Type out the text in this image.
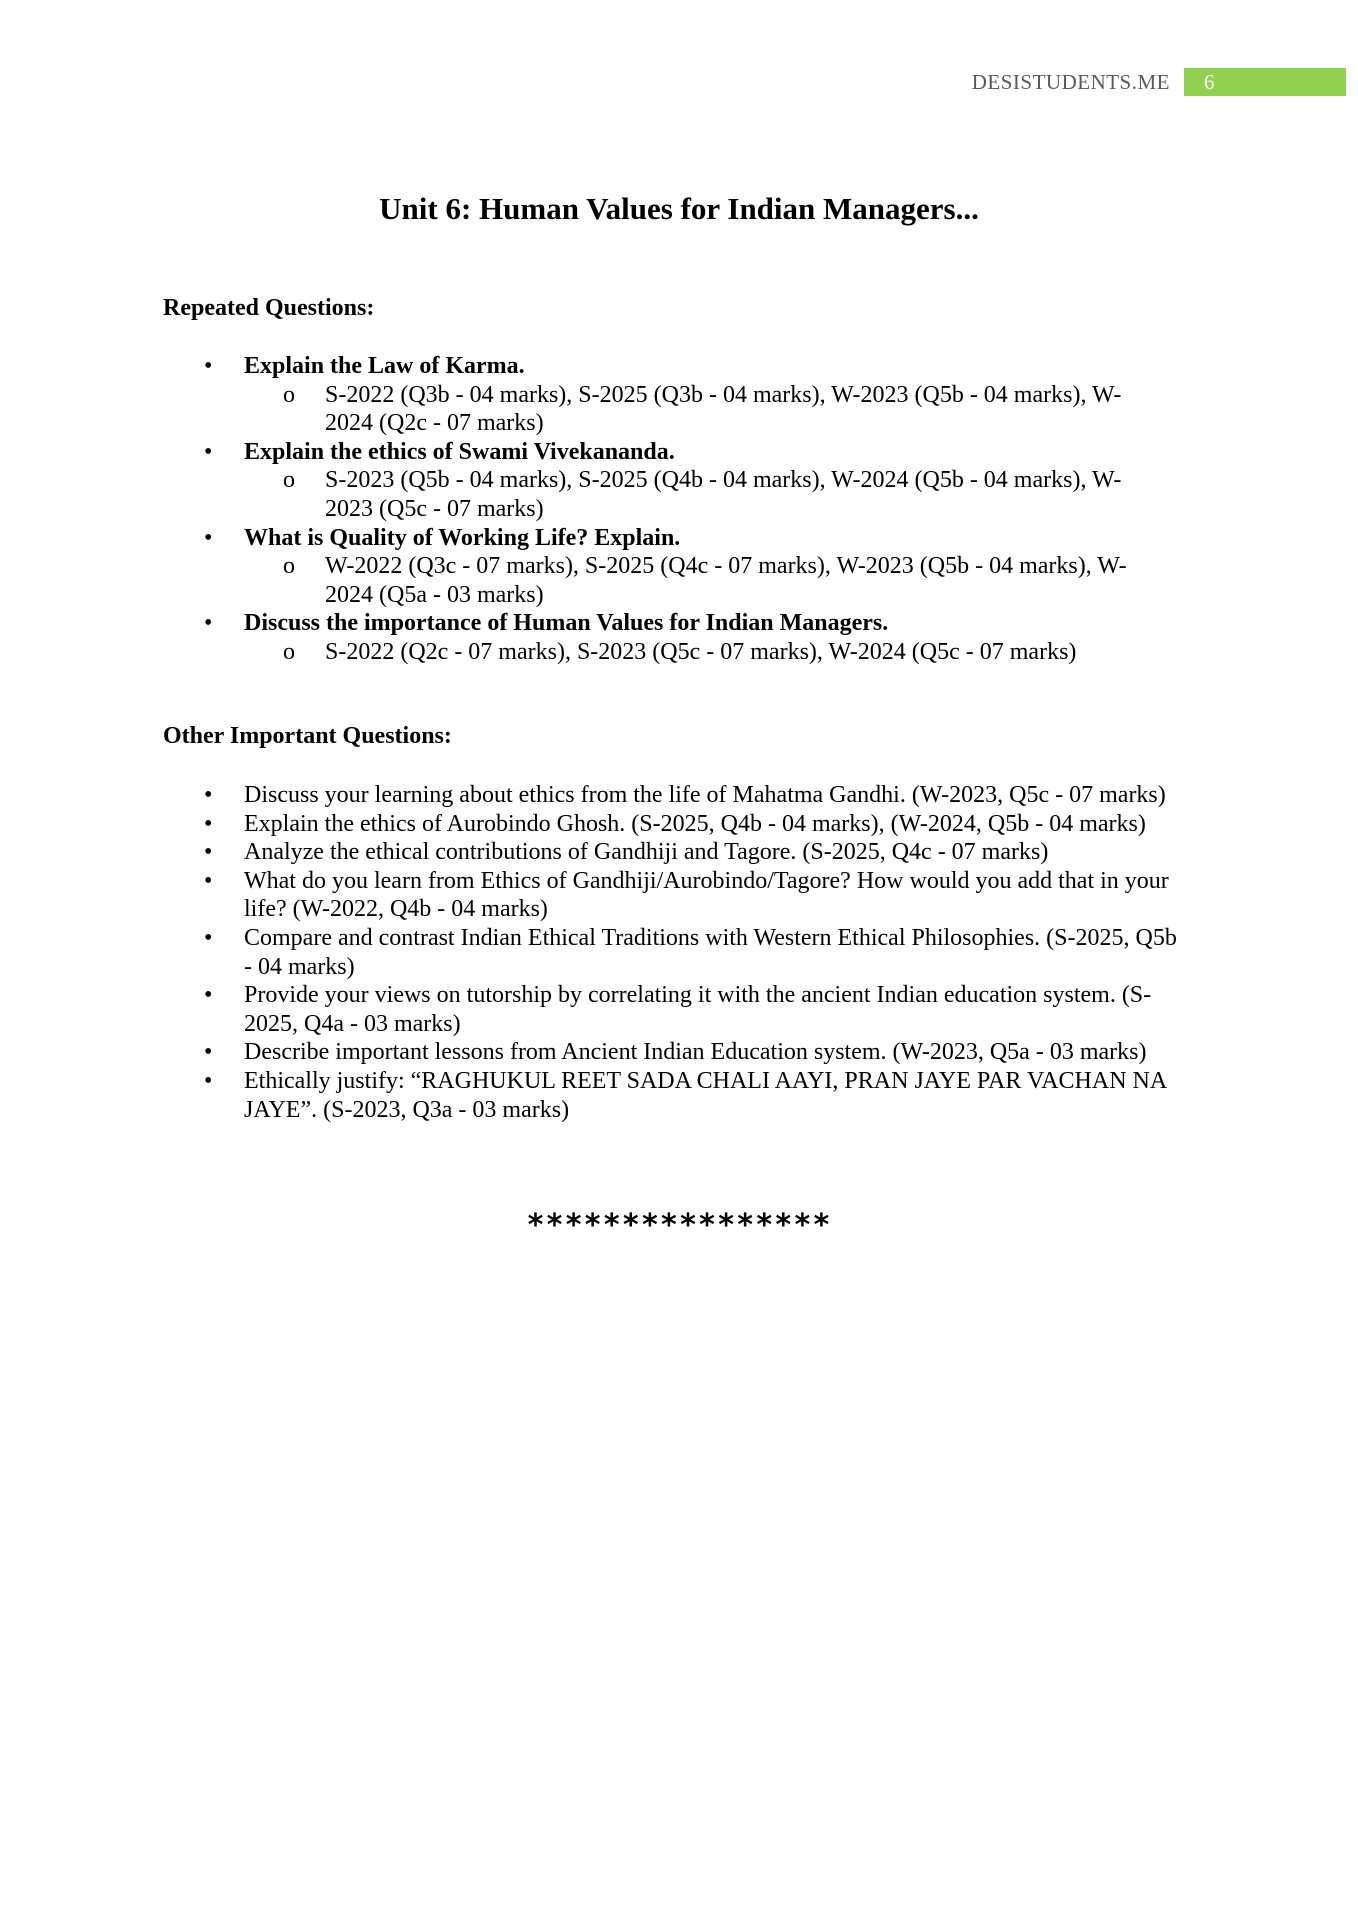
DESISTUDENTS.ME	6
Unit 6: Human Values for Indian Managers...
Repeated Questions:
• Explain the Law of Karma.
o S-2022 (Q3b - 04 marks), S-2025 (Q3b - 04 marks), W-2023 (Q5b - 04 marks), W-2024 (Q2c - 07 marks)
• Explain the ethics of Swami Vivekananda.
o S-2023 (Q5b - 04 marks), S-2025 (Q4b - 04 marks), W-2024 (Q5b - 04 marks), W-2023 (Q5c - 07 marks)
• What is Quality of Working Life? Explain.
o W-2022 (Q3c - 07 marks), S-2025 (Q4c - 07 marks), W-2023 (Q5b - 04 marks), W-2024 (Q5a - 03 marks)
• Discuss the importance of Human Values for Indian Managers.
o S-2022 (Q2c - 07 marks), S-2023 (Q5c - 07 marks), W-2024 (Q5c - 07 marks)
Other Important Questions:
• Discuss your learning about ethics from the life of Mahatma Gandhi. (W-2023, Q5c - 07 marks)
• Explain the ethics of Aurobindo Ghosh. (S-2025, Q4b - 04 marks), (W-2024, Q5b - 04 marks)
• Analyze the ethical contributions of Gandhiji and Tagore. (S-2025, Q4c - 07 marks)
• What do you learn from Ethics of Gandhiji/Aurobindo/Tagore? How would you add that in your life? (W-2022, Q4b - 04 marks)
• Compare and contrast Indian Ethical Traditions with Western Ethical Philosophies. (S-2025, Q5b - 04 marks)
• Provide your views on tutorship by correlating it with the ancient Indian education system. (S-2025, Q4a - 03 marks)
• Describe important lessons from Ancient Indian Education system. (W-2023, Q5a - 03 marks)
• Ethically justify: “RAGHUKUL REET SADA CHALI AAYI, PRAN JAYE PAR VACHAN NA JAYE”. (S-2023, Q3a - 03 marks)
****************
